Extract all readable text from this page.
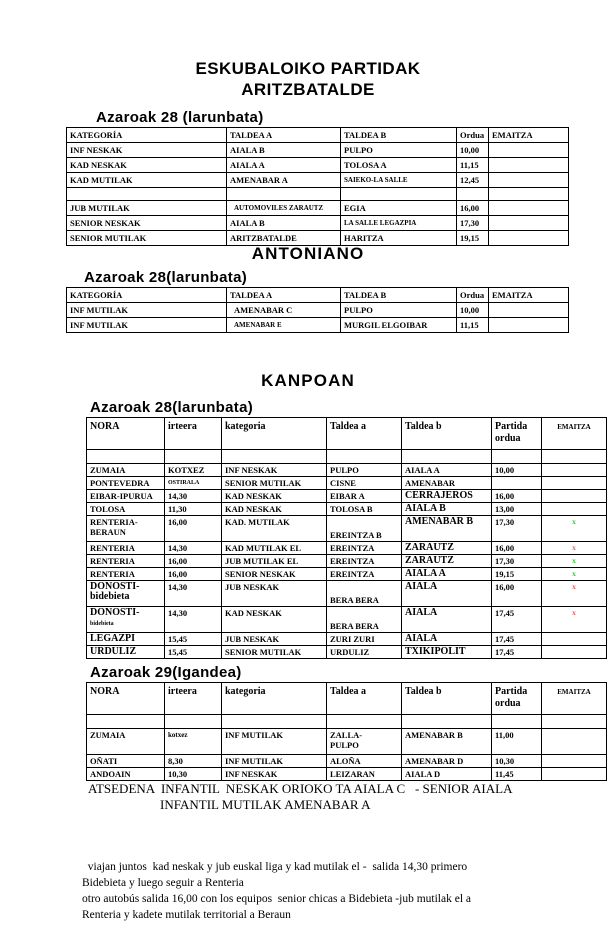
ESKUBALOIKO PARTIDAK
ARITZBATALDE
Azaroak 28 (larunbata)
KATEGORÍA	TALDEA A	TALDEA B	Ordua	EMAITZA
INF NESKAK	AIALA B	PULPO	10,00	
KAD NESKAK	AIALA A	TOLOSA A	11,15	
KAD MUTILAK	AMENABAR A	SAIEKO-LA SALLE	12,45	

JUB MUTILAK	AUTOMOVILES ZARAUTZ	EGIA	16,00	
SENIOR NESKAK	AIALA B	LA SALLE LEGAZPIA	17,30	
SENIOR MUTILAK	ARITZBATALDE	HARITZA	19,15	
ANTONIANO
Azaroak 28(larunbata)
KATEGORÍA	TALDEA A	TALDEA B	Ordua	EMAITZA
INF MUTILAK	AMENABAR C	PULPO	10,00	
INF MUTILAK	AMENABAR E	MURGIL ELGOIBAR	11,15	
KANPOAN
Azaroak 28(larunbata)
NORA	irteera	kategoria	Taldea a	Taldea b	Partida ordua	EMAITZA

ZUMAIA	KOTXEZ	INF NESKAK	PULPO	AIALA A	10,00	
PONTEVEDRA	OSTIRALA	SENIOR MUTILAK	CISNE	AMENABAR		
EIBAR-IPURUA	14,30	KAD NESKAK	EIBAR A	CERRAJEROS	16,00	
TOLOSA	11,30	KAD NESKAK	TOLOSA B	AIALA B	13,00	
RENTERIA-
BERAUN	16,00	KAD. MUTILAK	EREINTZA B	AMENABAR B	17,30	x
RENTERIA	14,30	KAD MUTILAK EL	EREINTZA	ZARAUTZ	16,00	x
RENTERIA	16,00	JUB MUTILAK EL	EREINTZA	ZARAUTZ	17,30	x
RENTERIA	16,00	SENIOR NESKAK	EREINTZA	AIALA A	19,15	x
DONOSTI-
bidebieta	14,30	JUB NESKAK	BERA BERA	AIALA	16,00	x
DONOSTI-
bidebieta	14,30	KAD NESKAK	BERA BERA	AIALA	17,45	x
LEGAZPI	15,45	JUB NESKAK	ZURI ZURI	AIALA	17,45	
URDULIZ	15,45	SENIOR MUTILAK	URDULIZ	TXIKIPOLIT	17,45	
Azaroak 29(Igandea)
NORA	irteera	kategoria	Taldea a	Taldea b	Partida ordua	EMAITZA

ZUMAIA	kotxez	INF MUTILAK	ZALLA-
PULPO	AMENABAR B	11,00	
OÑATI	8,30	INF MUTILAK	ALOÑA	AMENABAR D	10,30	
ANDOAIN	10,30	INF NESKAK	LEIZARAN	AIALA D	11,45	
ATSEDENA  INFANTIL  NESKAK ORIOKO TA AIALA C   - SENIOR AIALA
INFANTIL MUTILAK AMENABAR A
viajan juntos  kad neskak y jub euskal liga y kad mutilak el -  salida 14,30 primero
Bidebieta y luego seguir a Renteria
otro autobús salida 16,00 con los equipos  senior chicas a Bidebieta -jub mutilak el a
Renteria y kadete mutilak territorial a Beraun
